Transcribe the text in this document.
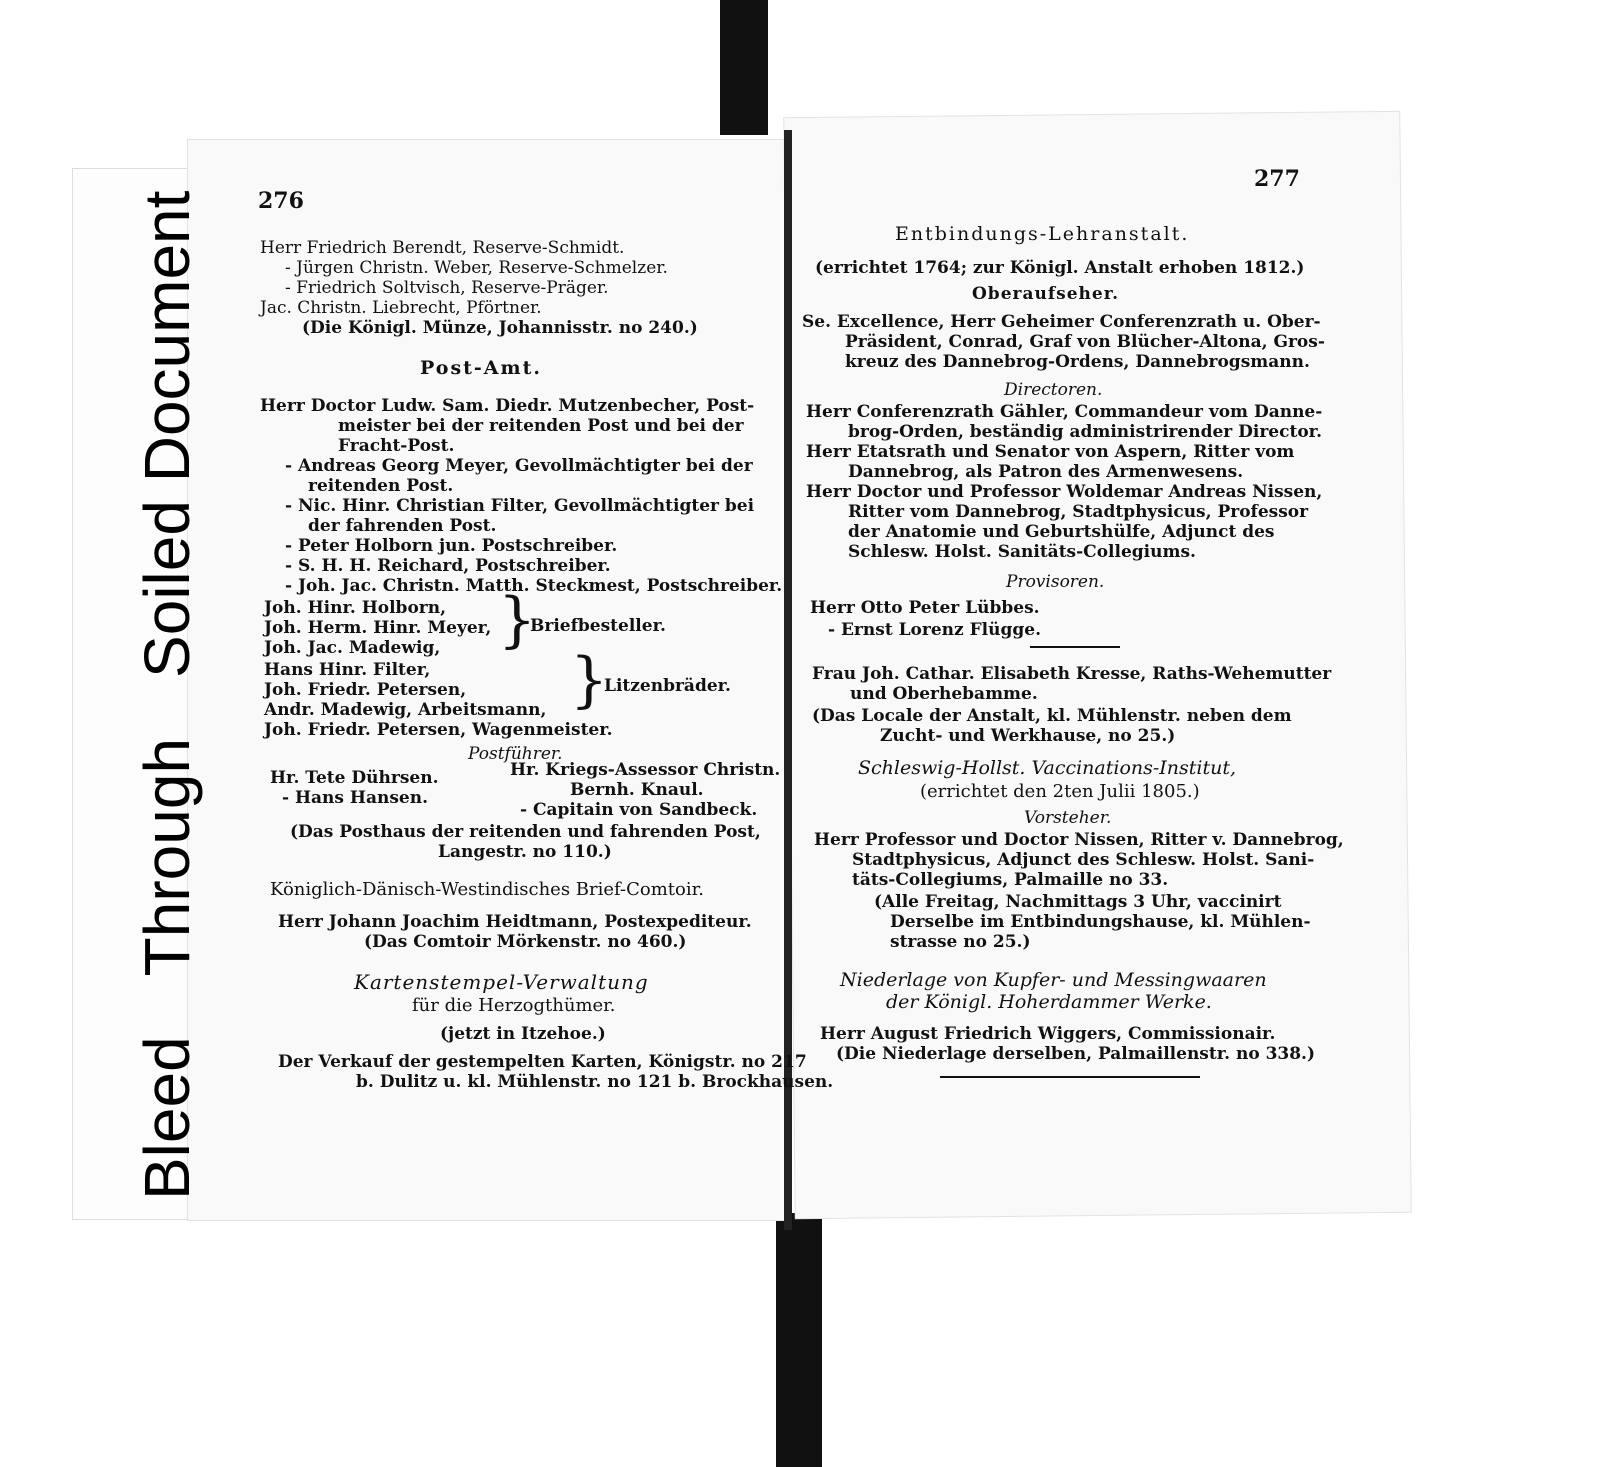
BleedThroughSoiled Document	276
Herr Friedrich Berendt, Reserve-Schmidt.
- Jürgen Christn. Weber, Reserve-Schmelzer.
- Friedrich Soltvisch, Reserve-Präger.
Jac. Christn. Liebrecht, Pförtner.
(Die Königl. Münze, Johannisstr. no 240.)
Post-Amt.
Herr Doctor Ludw. Sam. Diedr. Mutzenbecher, Post-
meister bei der reitenden Post und bei der
Fracht-Post.
- Andreas Georg Meyer, Gevollmächtigter bei der
reitenden Post.
- Nic. Hinr. Christian Filter, Gevollmächtigter bei
der fahrenden Post.
- Peter Holborn jun. Postschreiber.
- S. H. H. Reichard, Postschreiber.
- Joh. Jac. Christn. Matth. Steckmest, Postschreiber.
Joh. Hinr. Holborn,
Joh. Herm. Hinr. Meyer,
Joh. Jac. Madewig, }
Briefbesteller.
Hans Hinr. Filter,
Joh. Friedr. Petersen,
Andr. Madewig, Arbeitsmann, }
Litzenbräder.
Joh. Friedr. Petersen, Wagenmeister.
Postführer.
Hr. Tete Dührsen.	Hr. Kriegs-Assessor Christn.
- Hans Hansen.	Bernh. Knaul.
- Capitain von Sandbeck.
(Das Posthaus der reitenden und fahrenden Post,
Langestr. no 110.)
Königlich-Dänisch-Westindisches Brief-Comtoir.
Herr Johann Joachim Heidtmann, Postexpediteur.
(Das Comtoir Mörkenstr. no 460.)
Kartenstempel-Verwaltung
für die Herzogthümer.
(jetzt in Itzehoe.)
Der Verkauf der gestempelten Karten, Königstr. no 217
b. Dulitz u. kl. Mühlenstr. no 121 b. Brockhausen.
277
Entbindungs-Lehranstalt.
(errichtet 1764; zur Königl. Anstalt erhoben 1812.)
Oberaufseher.
Se. Excellence, Herr Geheimer Conferenzrath u. Ober-
Präsident, Conrad, Graf von Blücher-Altona, Gros-
kreuz des Dannebrog-Ordens, Dannebrogsmann.
Directoren.
Herr Conferenzrath Gähler, Commandeur vom Danne-
brog-Orden, beständig administrirender Director.
Herr Etatsrath und Senator von Aspern, Ritter vom
Dannebrog, als Patron des Armenwesens.
Herr Doctor und Professor Woldemar Andreas Nissen,
Ritter vom Dannebrog, Stadtphysicus, Professor
der Anatomie und Geburtshülfe, Adjunct des
Schlesw. Holst. Sanitäts-Collegiums.
Provisoren.
Herr Otto Peter Lübbes.
- Ernst Lorenz Flügge.
Frau Joh. Cathar. Elisabeth Kresse, Raths-Wehemutter
und Oberhebamme.
(Das Locale der Anstalt, kl. Mühlenstr. neben dem
Zucht- und Werkhause, no 25.)
Schleswig-Hollst. Vaccinations-Institut,
(errichtet den 2ten Julii 1805.)
Vorsteher.
Herr Professor und Doctor Nissen, Ritter v. Dannebrog,
Stadtphysicus, Adjunct des Schlesw. Holst. Sani-
täts-Collegiums, Palmaille no 33.
(Alle Freitag, Nachmittags 3 Uhr, vaccinirt
Derselbe im Entbindungshause, kl. Mühlen-
strasse no 25.)
Niederlage von Kupfer- und Messingwaaren
der Königl. Hoherdammer Werke.
Herr August Friedrich Wiggers, Commissionair.
(Die Niederlage derselben, Palmaillenstr. no 338.)
